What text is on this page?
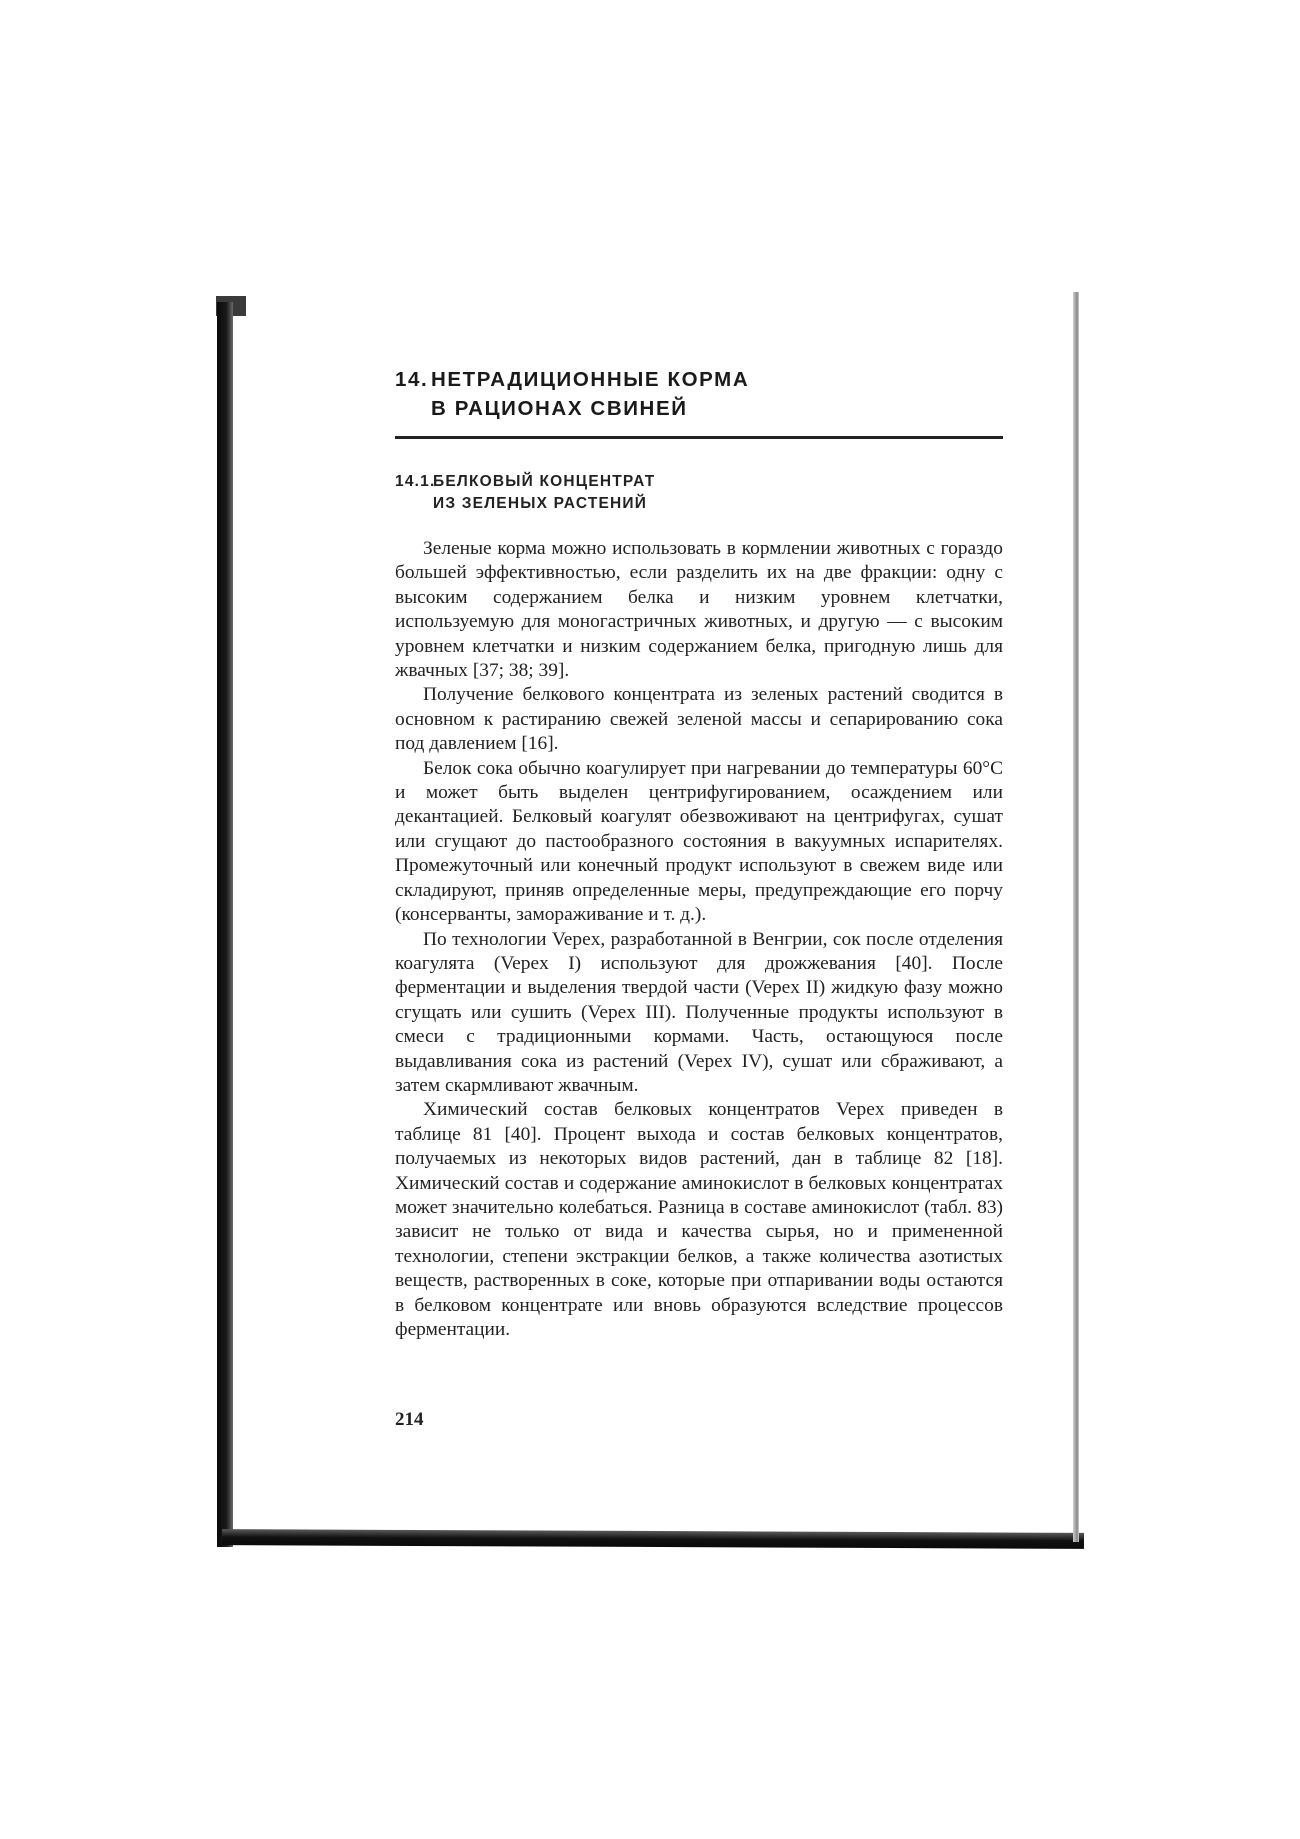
14. НЕТРАДИЦИОННЫЕ КОРМА
В РАЦИОНАХ СВИНЕЙ
14.1.БЕЛКОВЫЙ КОНЦЕНТРАТ
ИЗ ЗЕЛЕНЫХ РАСТЕНИЙ

Зеленые корма можно использовать в кормлении животных с гораздо большей эффективностью, если разделить их на две фракции: одну с высоким содержанием белка и низким уровнем клетчатки, используемую для моногастричных животных, и другую — с высоким уровнем клетчатки и низким содержанием белка, пригодную лишь для жвачных [37; 38; 39].

Получение белкового концентрата из зеленых растений сводится в основном к растиранию свежей зеленой массы и сепарированию сока под давлением [16].

Белок сока обычно коагулирует при нагревании до температуры 60°С и может быть выделен центрифугированием, осаждением или декантацией. Белковый коагулят обезвоживают на центрифугах, сушат или сгущают до пастообразного состояния в вакуумных испарителях. Промежуточный или конечный продукт используют в свежем виде или складируют, приняв определенные меры, предупреждающие его порчу (консерванты, замораживание и т. д.).

По технологии Vepex, разработанной в Венгрии, сок после отделения коагулята (Vepex I) используют для дрожжевания [40]. После ферментации и выделения твердой части (Vepex II) жидкую фазу можно сгущать или сушить (Vepex III). Полученные продукты используют в смеси с традиционными кормами. Часть, остающуюся после выдавливания сока из растений (Vepex IV), сушат или сбраживают, а затем скармливают жвачным.

Химический состав белковых концентратов Vepex приведен в таблице 81 [40]. Процент выхода и состав белковых концентратов, получаемых из некоторых видов растений, дан в таблице 82 [18]. Химический состав и содержание аминокислот в белковых концентратах может значительно колебаться. Разница в составе аминокислот (табл. 83) зависит не только от вида и качества сырья, но и примененной технологии, степени экстракции белков, а также количества азотистых веществ, растворенных в соке, которые при отпаривании воды остаются в белковом концентрате или вновь образуются вследствие процессов ферментации.

214
